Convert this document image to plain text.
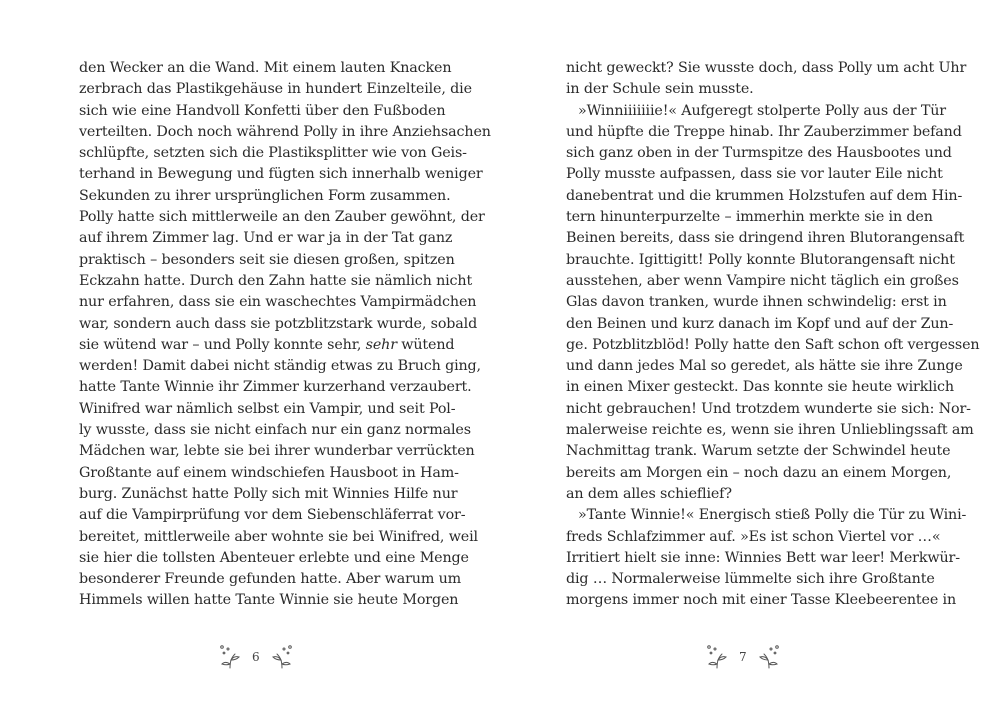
den Wecker an die Wand. Mit einem lauten Knacken
zerbrach das Plastikgehäuse in hundert Einzelteile, die
sich wie eine Handvoll Konfetti über den Fußboden
verteilten. Doch noch während Polly in ihre Anziehsachen
schlüpfte, setzten sich die Plastiksplitter wie von Geis-
terhand in Bewegung und fügten sich innerhalb weniger
Sekunden zu ihrer ursprünglichen Form zusammen.
Polly hatte sich mittlerweile an den Zauber gewöhnt, der
auf ihrem Zimmer lag. Und er war ja in der Tat ganz
praktisch – besonders seit sie diesen großen, spitzen
Eckzahn hatte. Durch den Zahn hatte sie nämlich nicht
nur erfahren, dass sie ein waschechtes Vampirmädchen
war, sondern auch dass sie potzblitzstark wurde, sobald
sie wütend war – und Polly konnte sehr, sehr wütend
werden! Damit dabei nicht ständig etwas zu Bruch ging,
hatte Tante Winnie ihr Zimmer kurzerhand verzaubert.
Winifred war nämlich selbst ein Vampir, und seit Pol-
ly wusste, dass sie nicht einfach nur ein ganz normales
Mädchen war, lebte sie bei ihrer wunderbar verrückten
Großtante auf einem windschiefen Hausboot in Ham-
burg. Zunächst hatte Polly sich mit Winnies Hilfe nur
auf die Vampirprüfung vor dem Siebenschläferrat vor-
bereitet, mittlerweile aber wohnte sie bei Winifred, weil
sie hier die tollsten Abenteuer erlebte und eine Menge
besonderer Freunde gefunden hatte. Aber warum um
Himmels willen hatte Tante Winnie sie heute Morgen
nicht geweckt? Sie wusste doch, dass Polly um acht Uhr
in der Schule sein musste.
»Winniiiiiiie!« Aufgeregt stolperte Polly aus der Tür
und hüpfte die Treppe hinab. Ihr Zauberzimmer befand
sich ganz oben in der Turmspitze des Hausbootes und
Polly musste aufpassen, dass sie vor lauter Eile nicht
danebentrat und die krummen Holzstufen auf dem Hin-
tern hinunterpurzelte – immerhin merkte sie in den
Beinen bereits, dass sie dringend ihren Blutorangensaft
brauchte. Igittigitt! Polly konnte Blutorangensaft nicht
ausstehen, aber wenn Vampire nicht täglich ein großes
Glas davon tranken, wurde ihnen schwindelig: erst in
den Beinen und kurz danach im Kopf und auf der Zun-
ge. Potzblitzblöd! Polly hatte den Saft schon oft vergessen
und dann jedes Mal so geredet, als hätte sie ihre Zunge
in einen Mixer gesteckt. Das konnte sie heute wirklich
nicht gebrauchen! Und trotzdem wunderte sie sich: Nor-
malerweise reichte es, wenn sie ihren Unlieblingssaft am
Nachmittag trank. Warum setzte der Schwindel heute
bereits am Morgen ein – noch dazu an einem Morgen,
an dem alles schieflief?
»Tante Winnie!« Energisch stieß Polly die Tür zu Wini-
freds Schlafzimmer auf. »Es ist schon Viertel vor …«
Irritiert hielt sie inne: Winnies Bett war leer! Merkwür-
dig … Normalerweise lümmelte sich ihre Großtante
morgens immer noch mit einer Tasse Kleebeerentee in
6	7
